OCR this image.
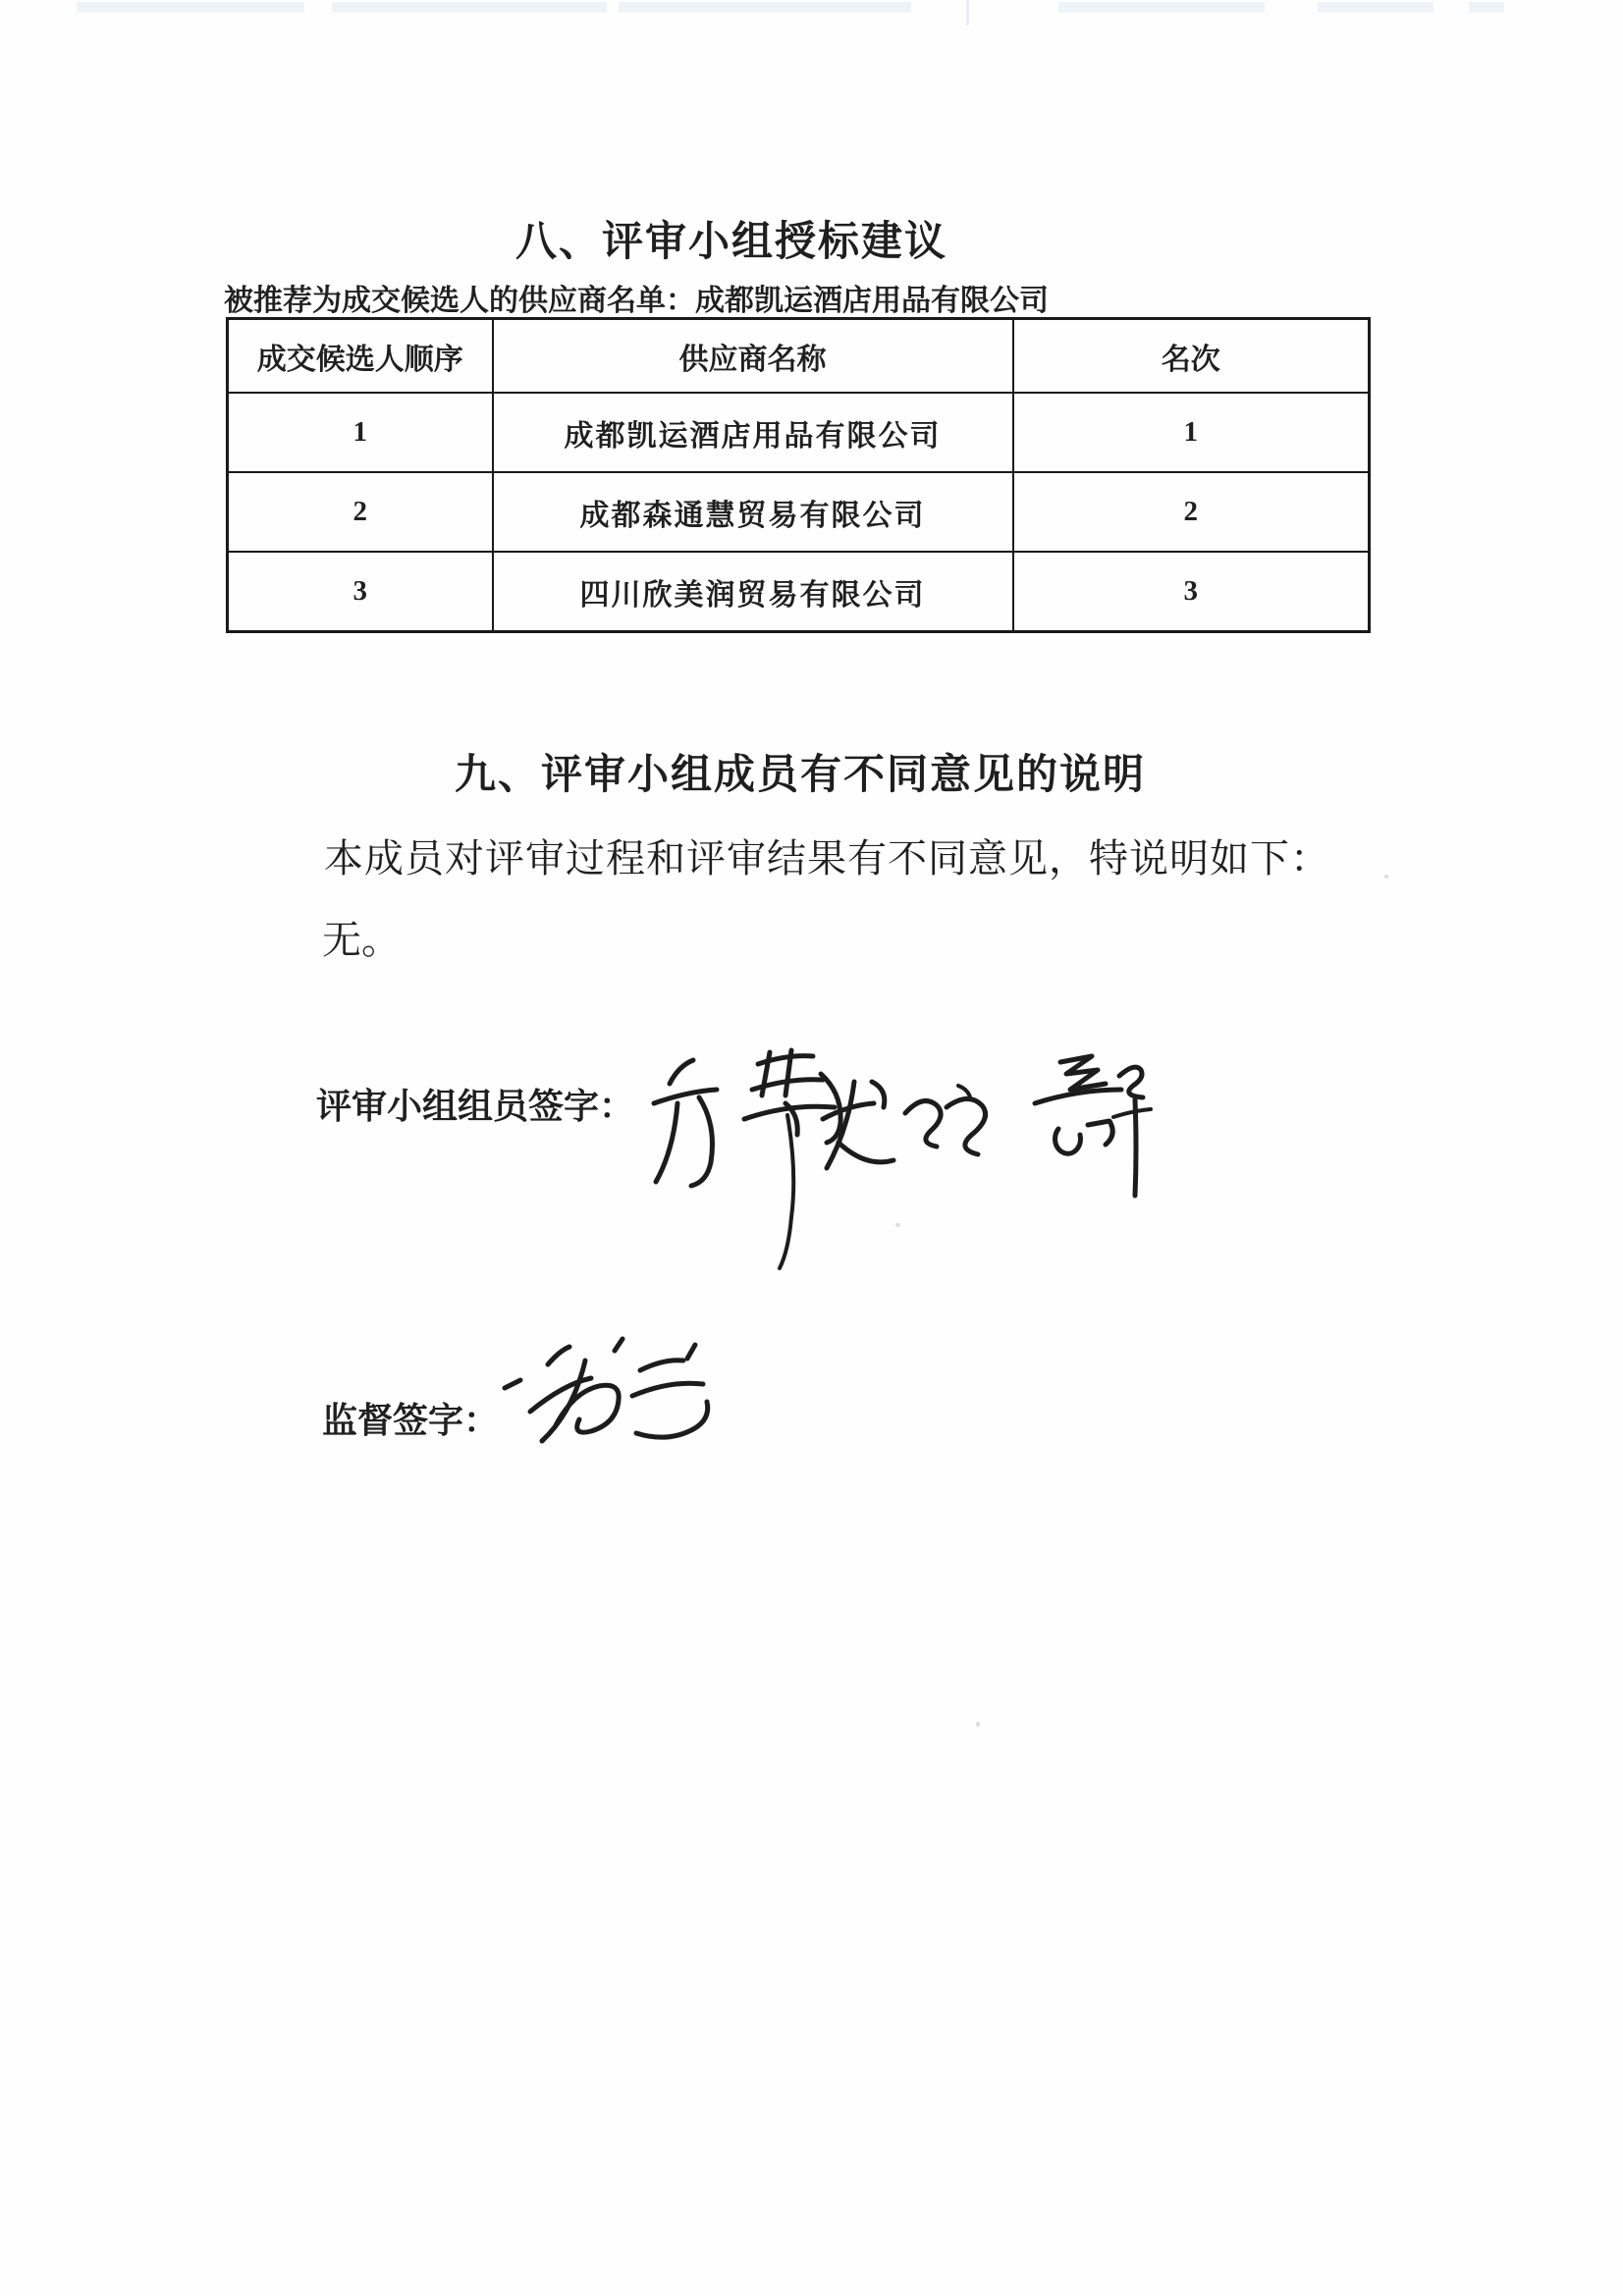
八、评审小组授标建议
被推荐为成交候选人的供应商名单：成都凯运酒店用品有限公司
成交候选人顺序	供应商名称	名次
1	成都凯运酒店用品有限公司	1
2	成都森通慧贸易有限公司	2
3	四川欣美润贸易有限公司	3
九、评审小组成员有不同意见的说明
本成员对评审过程和评审结果有不同意见，特说明如下：
无。
评审小组组员签字：
监督签字：
